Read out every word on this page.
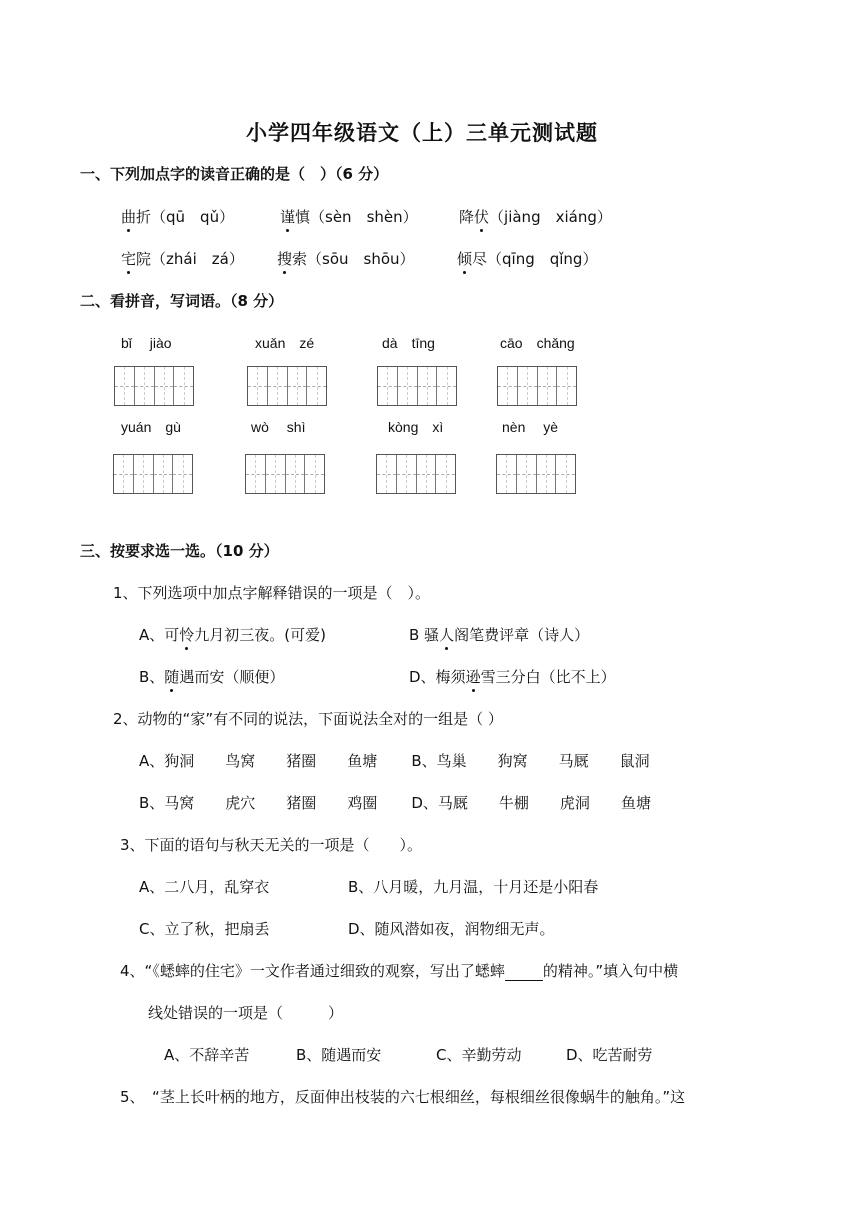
小学四年级语文（上）三单元测试题
一、下列加点字的读音正确的是（　）（6 分）
曲折（qū　qǔ）	谨慎（sèn　shèn）	降伏（jiàng　xiáng）
宅院（zhái　zá） 搜索（sōu　shōu）	倾尽（qīng　qǐng）
二、看拼音，写词语。（8 分）
bǐ　 jiào	xuǎn　zé	dà　tīng	cāo　chǎng
yuán　gù	wò　 shì	kòng　xì	nèn　 yè
三、按要求选一选。（10 分）
1、下列选项中加点字解释错误的一项是（　）。
A、可怜九月初三夜。(可爱)	B 骚人阁笔费评章（诗人）
B、随遇而安（顺便）	D、梅须逊雪三分白（比不上）
2、动物的“家”有不同的说法，下面说法全对的一组是（ ）
A、狗洞 鸟窝 猪圈 鱼塘 B、鸟巢 狗窝 马厩 鼠洞
B、马窝 虎穴 猪圈 鸡圈 D、马厩 牛棚 虎洞 鱼塘
3、下面的语句与秋天无关的一项是（　　）。
A、二八月，乱穿衣	B、八月暖，九月温，十月还是小阳春
C、立了秋，把扇丢	D、随风潜如夜，润物细无声。
4、“《蟋蟀的住宅》一文作者通过细致的观察，写出了蟋蟀	的精神。”填入句中横
线处错误的一项是（　　　）
A、不辞辛苦	B、随遇而安	C、辛勤劳动	D、吃苦耐劳
5、　“茎上长叶柄的地方，反面伸出枝装的六七根细丝，每根细丝很像蜗牛的触角。”这
